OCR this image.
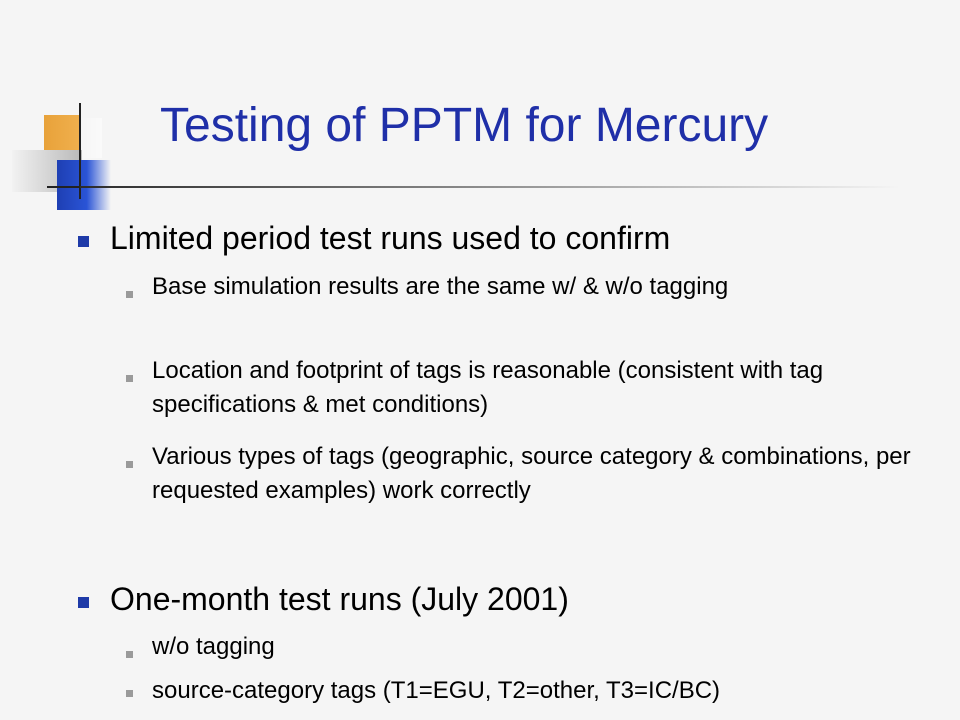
Testing of PPTM for Mercury
Limited period test runs used to confirm
Base simulation results are the same w/ & w/o tagging
Location and footprint of tags is reasonable (consistent with tag specifications & met conditions)
Various types of tags (geographic, source category & combinations, per requested examples) work correctly
One-month test runs (July 2001)
w/o tagging
source-category tags (T1=EGU, T2=other, T3=IC/BC)
